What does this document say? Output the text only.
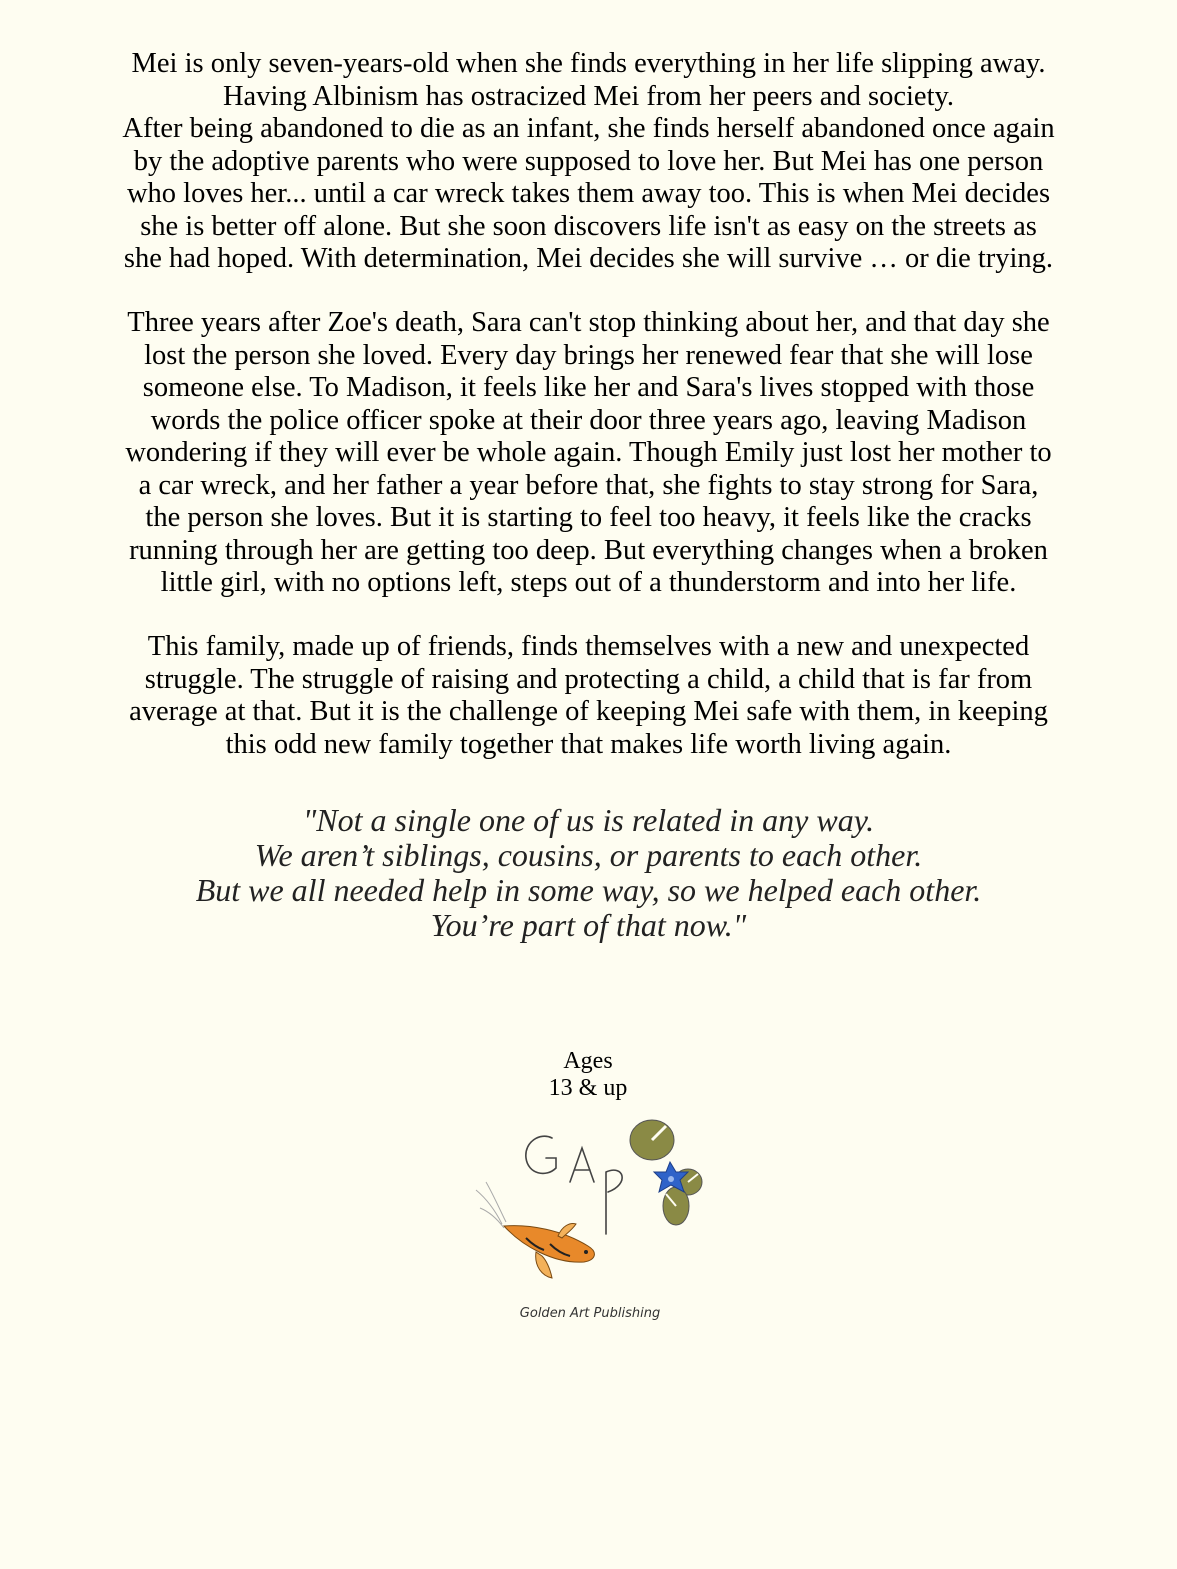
Mei is only seven-years-old when she finds everything in her life slipping away.
Having Albinism has ostracized Mei from her peers and society.
After being abandoned to die as an infant, she finds herself abandoned once again
by the adoptive parents who were supposed to love her. But Mei has one person
who loves her... until a car wreck takes them away too. This is when Mei decides
she is better off alone. But she soon discovers life isn't as easy on the streets as
she had hoped. With determination, Mei decides she will survive … or die trying.
Three years after Zoe's death, Sara can't stop thinking about her, and that day she
lost the person she loved. Every day brings her renewed fear that she will lose
someone else. To Madison, it feels like her and Sara's lives stopped with those
words the police officer spoke at their door three years ago, leaving Madison
wondering if they will ever be whole again. Though Emily just lost her mother to
a car wreck, and her father a year before that, she fights to stay strong for Sara,
the person she loves. But it is starting to feel too heavy, it feels like the cracks
running through her are getting too deep. But everything changes when a broken
little girl, with no options left, steps out of a thunderstorm and into her life.
This family, made up of friends, finds themselves with a new and unexpected
struggle. The struggle of raising and protecting a child, a child that is far from
average at that. But it is the challenge of keeping Mei safe with them, in keeping
this odd new family together that makes life worth living again.
"Not a single one of us is related in any way.
We aren’t siblings, cousins, or parents to each other.
But we all needed help in some way, so we helped each other.
You’re part of that now."
Ages
13 & up
Golden Art Publishing
